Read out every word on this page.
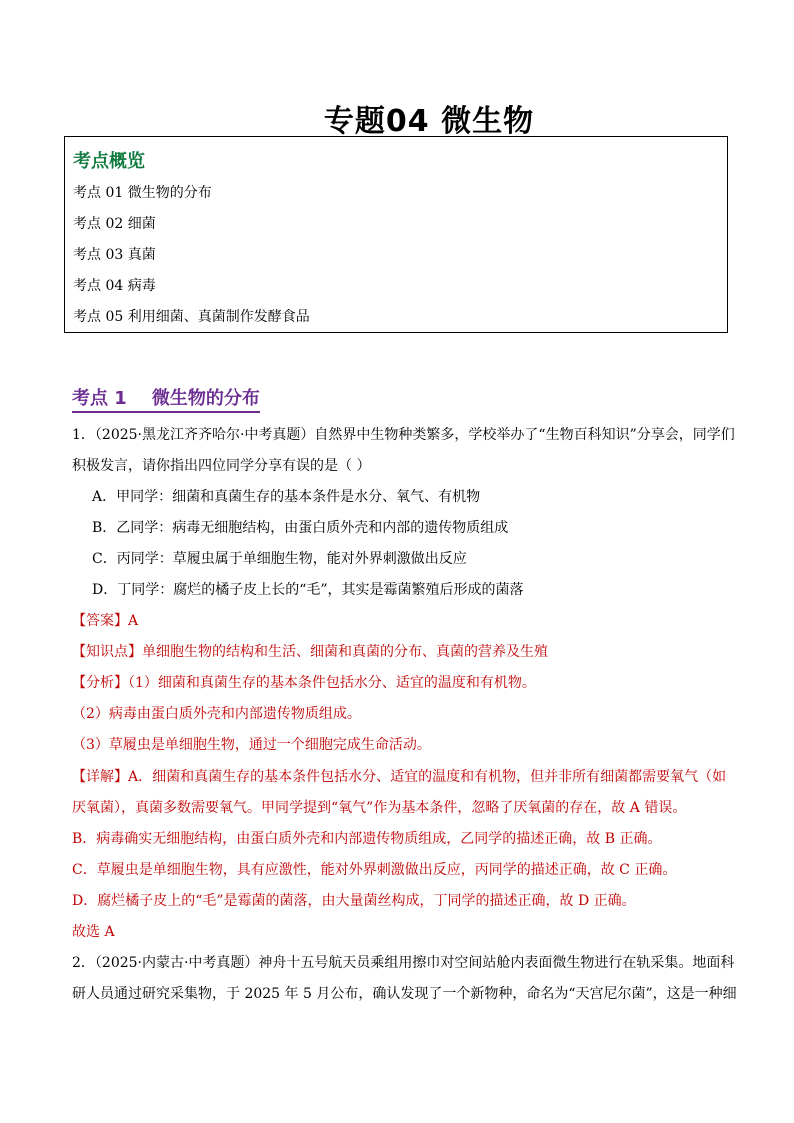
专题04 微生物
考点概览
考点 01 微生物的分布
考点 02 细菌
考点 03 真菌
考点 04 病毒
考点 05 利用细菌、真菌制作发酵食品
考点 1    微生物的分布
1．（2025·黑龙江齐齐哈尔·中考真题）自然界中生物种类繁多，学校举办了“生物百科知识”分享会，同学们
积极发言，请你指出四位同学分享有误的是（ ）
A．甲同学：细菌和真菌生存的基本条件是水分、氧气、有机物
B．乙同学：病毒无细胞结构，由蛋白质外壳和内部的遗传物质组成
C．丙同学：草履虫属于单细胞生物，能对外界刺激做出反应
D．丁同学：腐烂的橘子皮上长的“毛”，其实是霉菌繁殖后形成的菌落
【答案】A
【知识点】单细胞生物的结构和生活、细菌和真菌的分布、真菌的营养及生殖
【分析】（1）细菌和真菌生存的基本条件包括水分、适宜的温度和有机物。
（2）病毒由蛋白质外壳和内部遗传物质组成。
（3）草履虫是单细胞生物，通过一个细胞完成生命活动。
【详解】A．细菌和真菌生存的基本条件包括水分、适宜的温度和有机物，但并非所有细菌都需要氧气（如
厌氧菌），真菌多数需要氧气。甲同学提到“氧气”作为基本条件，忽略了厌氧菌的存在，故 A 错误。
B．病毒确实无细胞结构，由蛋白质外壳和内部遗传物质组成，乙同学的描述正确，故 B 正确。
C．草履虫是单细胞生物，具有应激性，能对外界刺激做出反应，丙同学的描述正确，故 C 正确。
D．腐烂橘子皮上的“毛”是霉菌的菌落，由大量菌丝构成，丁同学的描述正确，故 D 正确。
故选 A
2．（2025·内蒙古·中考真题）神舟十五号航天员乘组用擦巾对空间站舱内表面微生物进行在轨采集。地面科
研人员通过研究采集物，于 2025 年 5 月公布，确认发现了一个新物种，命名为“天宫尼尔菌”，这是一种细
